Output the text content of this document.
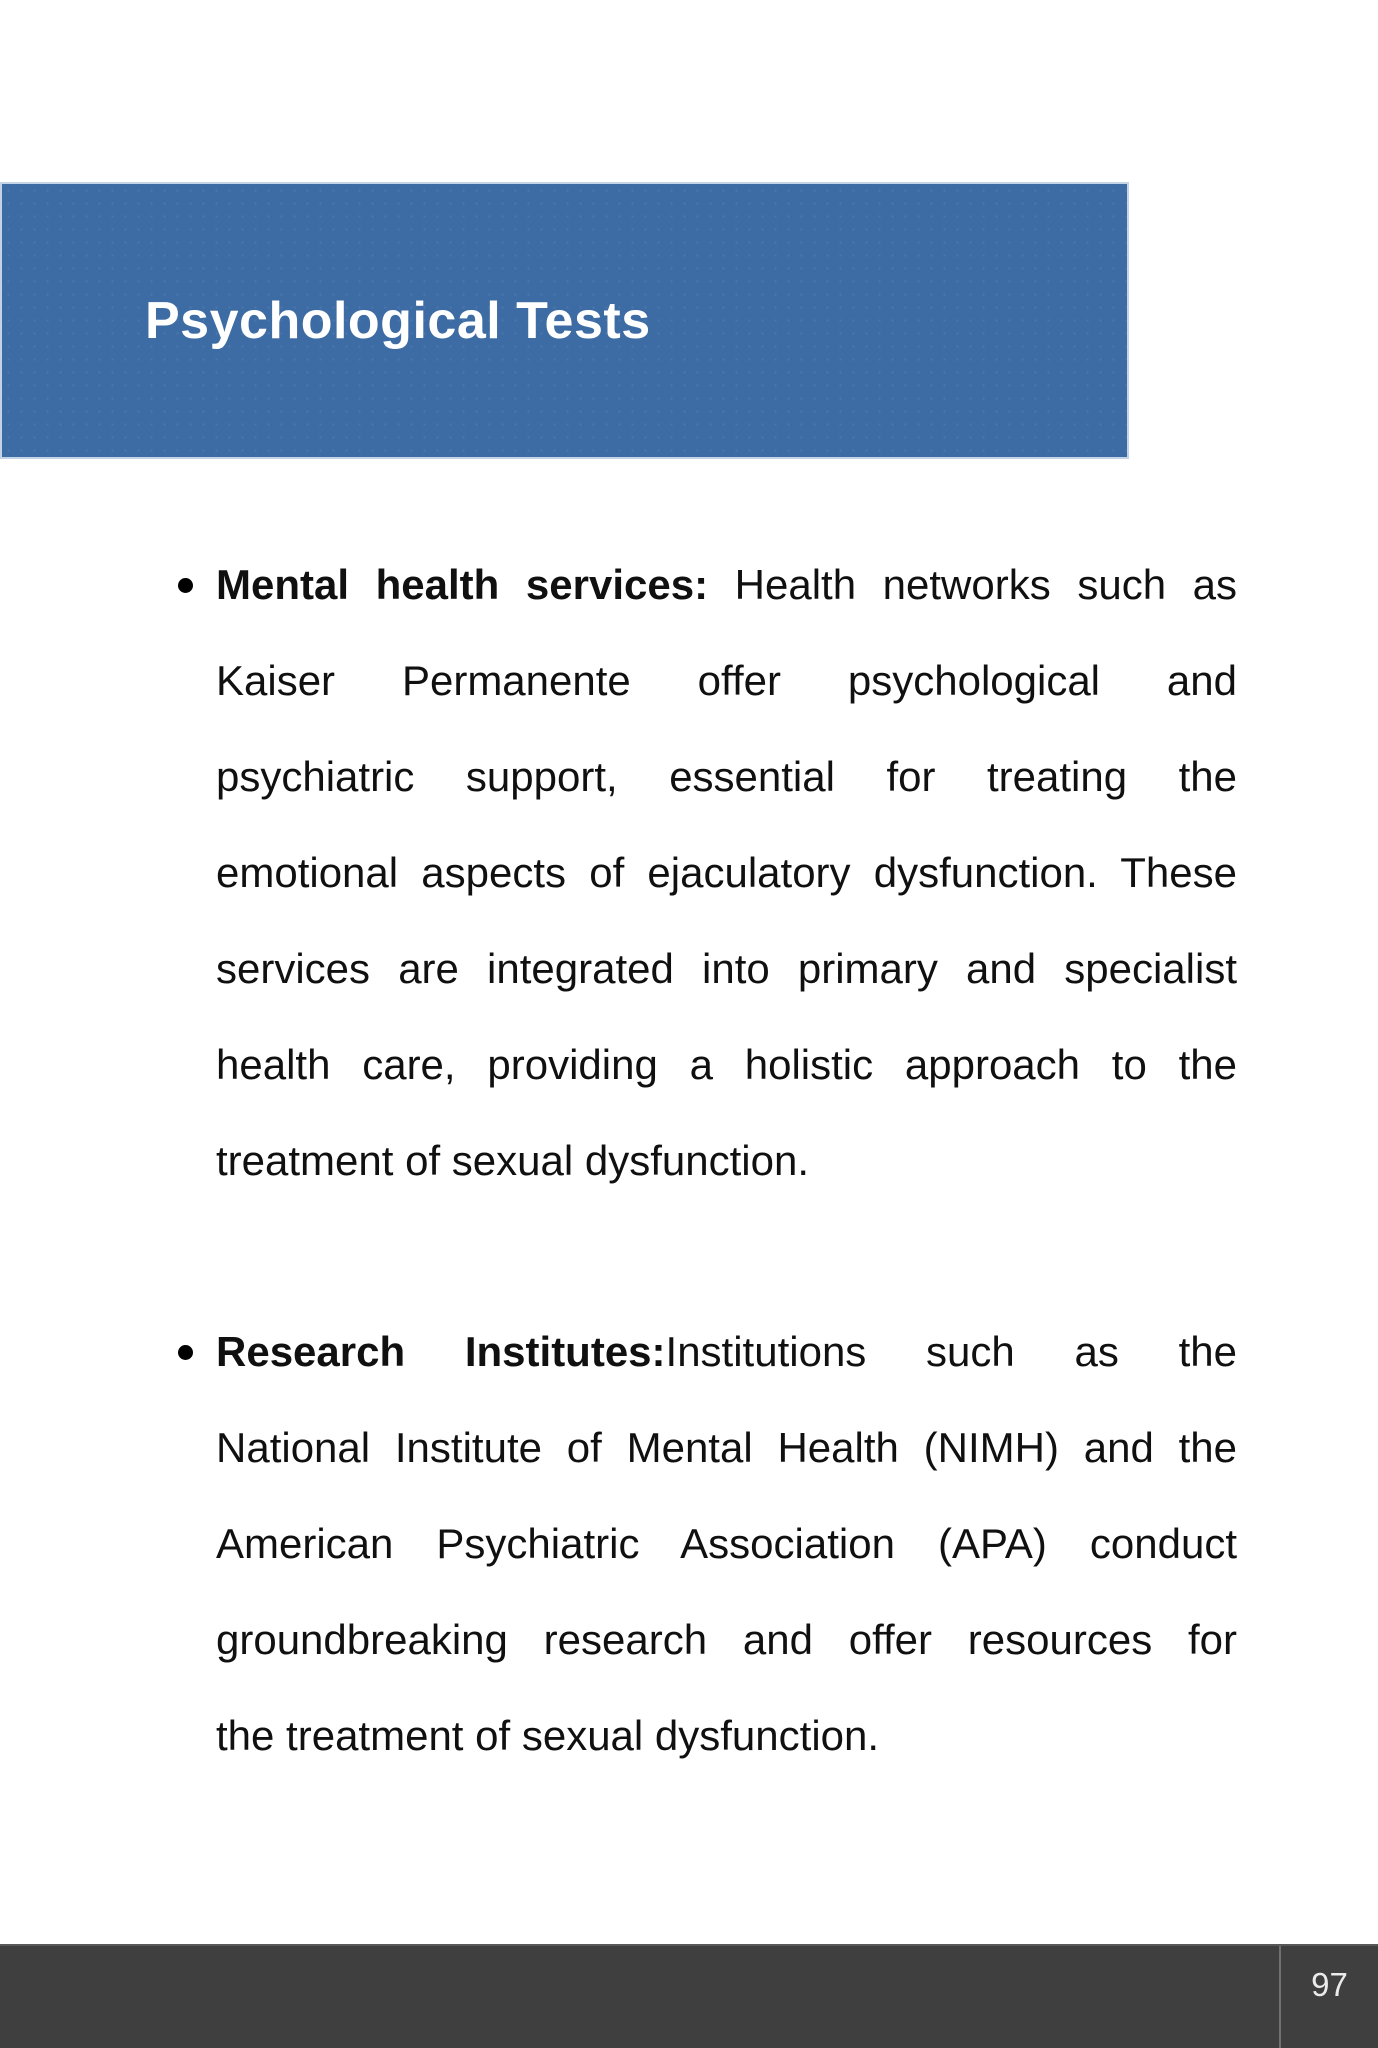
Psychological Tests
Mental health services: Health networks such as
Kaiser Permanente offer psychological and
psychiatric support, essential for treating the
emotional aspects of ejaculatory dysfunction. These
services are integrated into primary and specialist
health care, providing a holistic approach to the
treatment of sexual dysfunction.
Research Institutes:Institutions such as the
National Institute of Mental Health (NIMH) and the
American Psychiatric Association (APA) conduct
groundbreaking research and offer resources for
the treatment of sexual dysfunction.
97
